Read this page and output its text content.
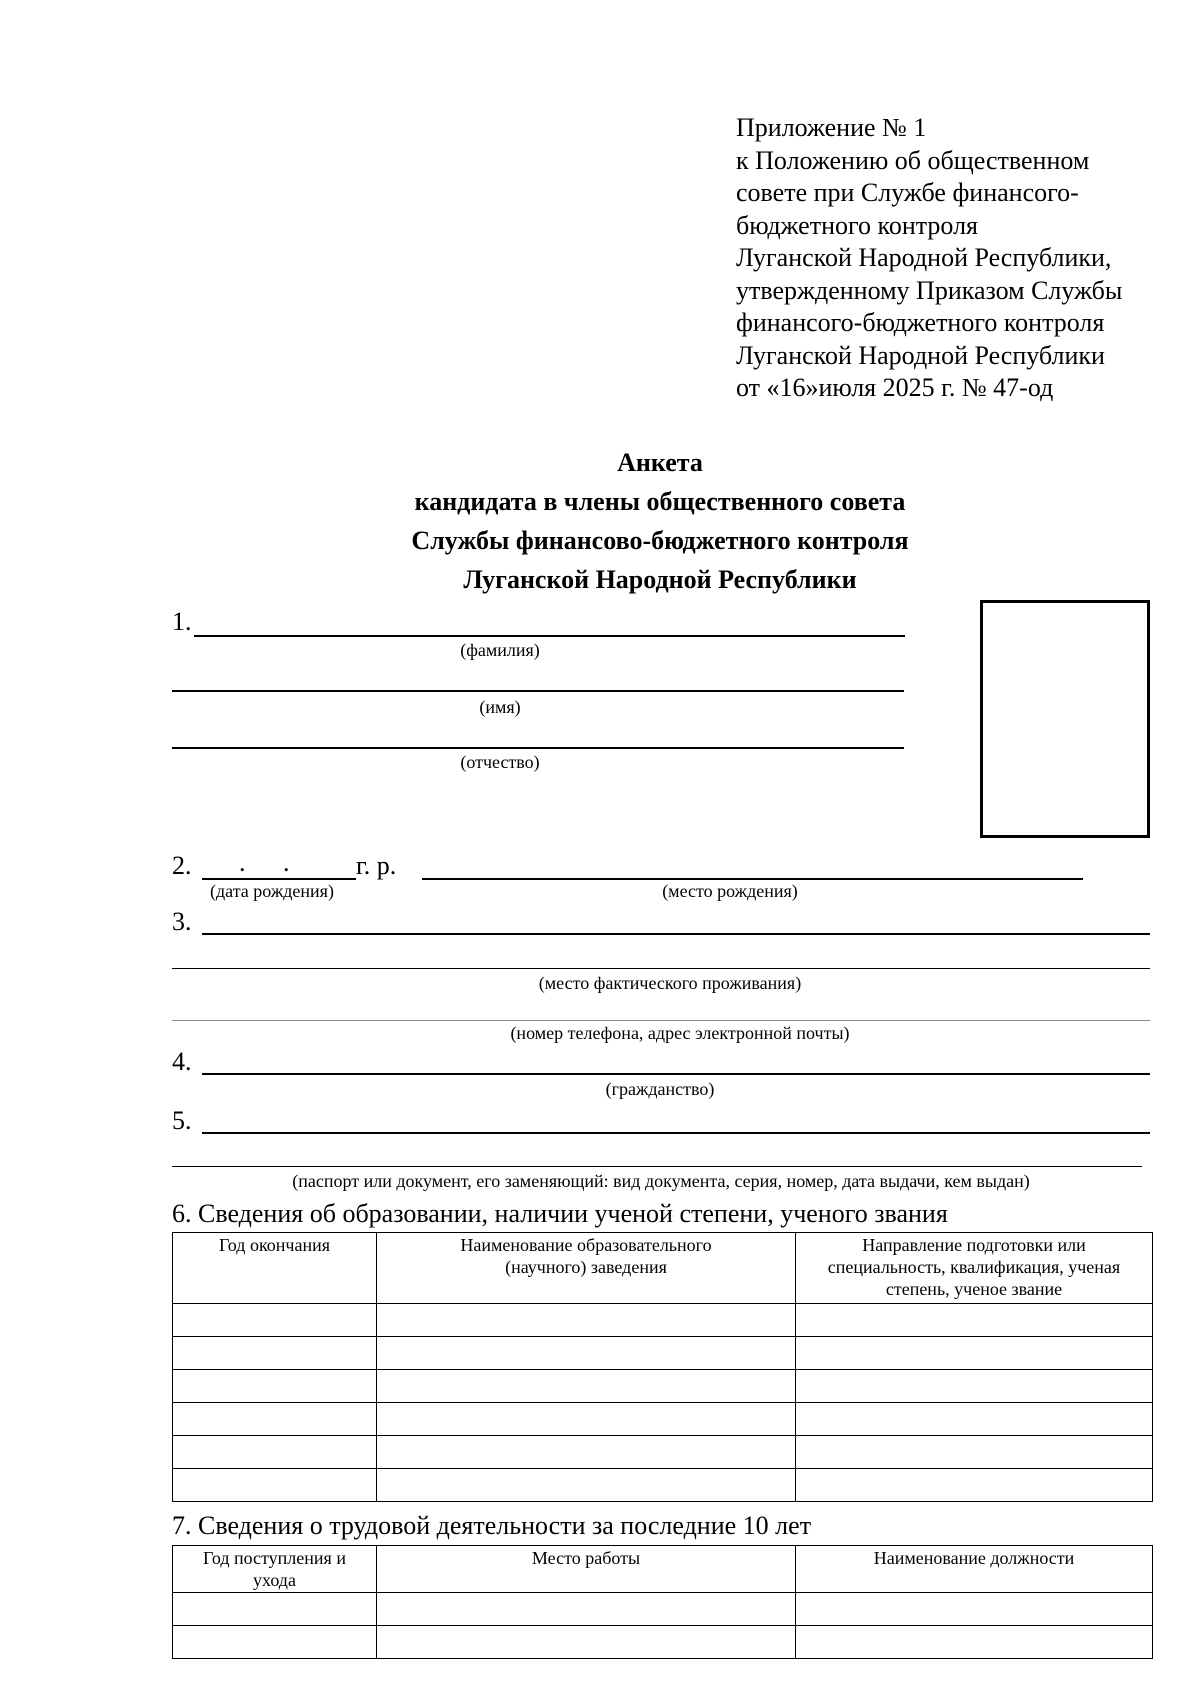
Приложение № 1
к Положению об общественном
совете при Службе финансого-
бюджетного контроля
Луганской Народной Республики,
утвержденному Приказом Службы
финансого-бюджетного контроля
Луганской Народной Республики
от «16»июля 2025 г. № 47-од
Анкета
кандидата в члены общественного совета
Службы финансово-бюджетного контроля
Луганской Народной Республики
1.
(фамилия)
(имя)
(отчество)
2. . .	г. р.
(дата рождения)	(место рождения)
3.
(место фактического проживания)
(номер телефона, адрес электронной почты)
4.
(гражданство)
5.
(паспорт или документ, его заменяющий: вид документа, серия, номер, дата выдачи, кем выдан)
6. Сведения об образовании, наличии ученой степени, ученого звания
Год окончания	Наименование образовательного (научного) заведения	Направление подготовки или специальность, квалификация, ученая степень, ученое звание

7. Сведения о трудовой деятельности за последние 10 лет
Год поступления и ухода	Место работы	Наименование должности
